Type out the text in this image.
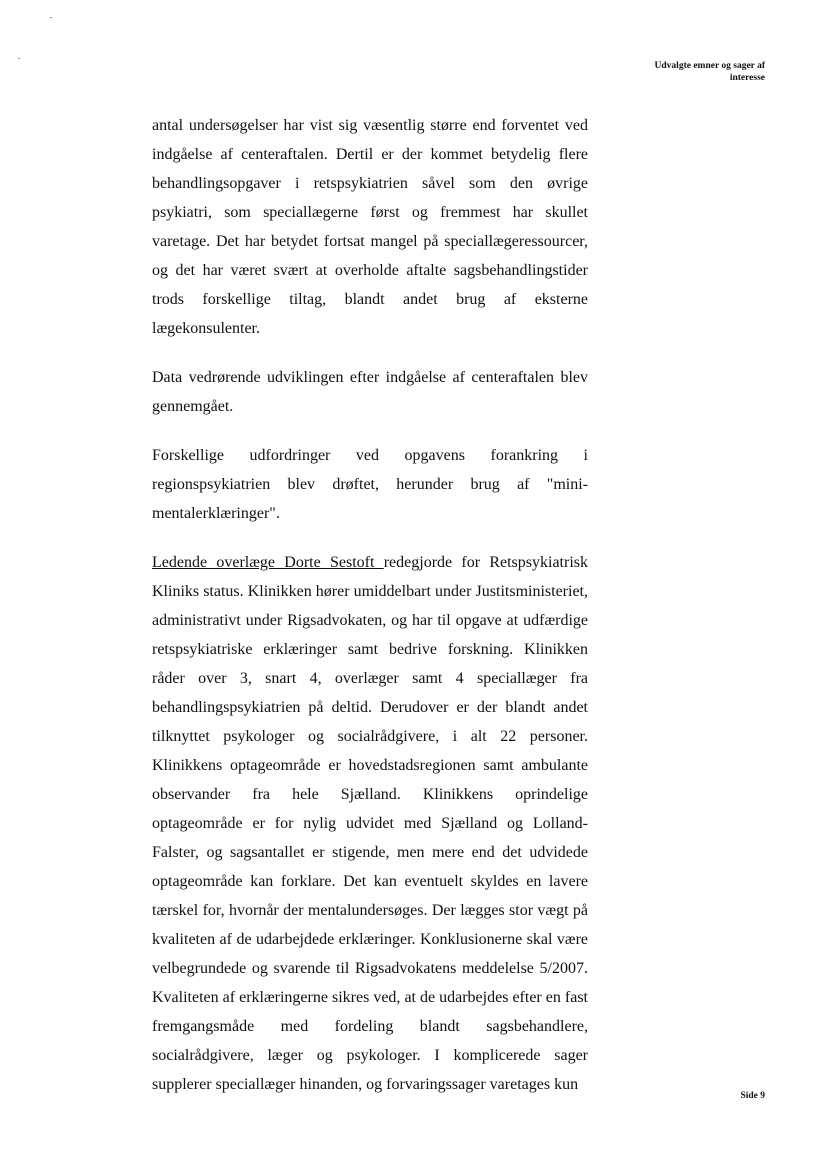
Udvalgte emner og sager af
interesse

antal undersøgelser har vist sig væsentlig større end forventet ved indgåelse af centeraftalen. Dertil er der kommet betydelig flere behandlingsopgaver i retspsykiatrien såvel som den øvrige psykiatri, som speciallægerne først og fremmest har skullet varetage. Det har betydet fortsat mangel på speciallægeressourcer, og det har været svært at overholde aftalte sagsbehandlingstider trods forskellige tiltag, blandt andet brug af eksterne lægekonsulenter.

Data vedrørende udviklingen efter indgåelse af centeraftalen blev gennemgået.

Forskellige udfordringer ved opgavens forankring i regionspsykiatrien blev drøftet, herunder brug af "mini-mentalerklæringer".

Ledende overlæge Dorte Sestoft redegjorde for Retspsykiatrisk Kliniks status. Klinikken hører umiddelbart under Justitsministeriet, administrativt under Rigsadvokaten, og har til opgave at udfærdige retspsykiatriske erklæringer samt bedrive forskning. Klinikken råder over 3, snart 4, overlæger samt 4 speciallæger fra behandlingspsykiatrien på deltid. Derudover er der blandt andet tilknyttet psykologer og socialrådgivere, i alt 22 personer. Klinikkens optageområde er hovedstadsregionen samt ambulante observander fra hele Sjælland. Klinikkens oprindelige optageområde er for nylig udvidet med Sjælland og Lolland-Falster, og sagsantallet er stigende, men mere end det udvidede optageområde kan forklare. Det kan eventuelt skyldes en lavere tærskel for, hvornår der mentalundersøges. Der lægges stor vægt på kvaliteten af de udarbejdede erklæringer. Konklusionerne skal være velbegrundede og svarende til Rigsadvokatens meddelelse 5/2007. Kvaliteten af erklæringerne sikres ved, at de udarbejdes efter en fast fremgangsmåde med fordeling blandt sagsbehandlere, socialrådgivere, læger og psykologer. I komplicerede sager supplerer speciallæger hinanden, og forvaringssager varetages kun

Side 9
